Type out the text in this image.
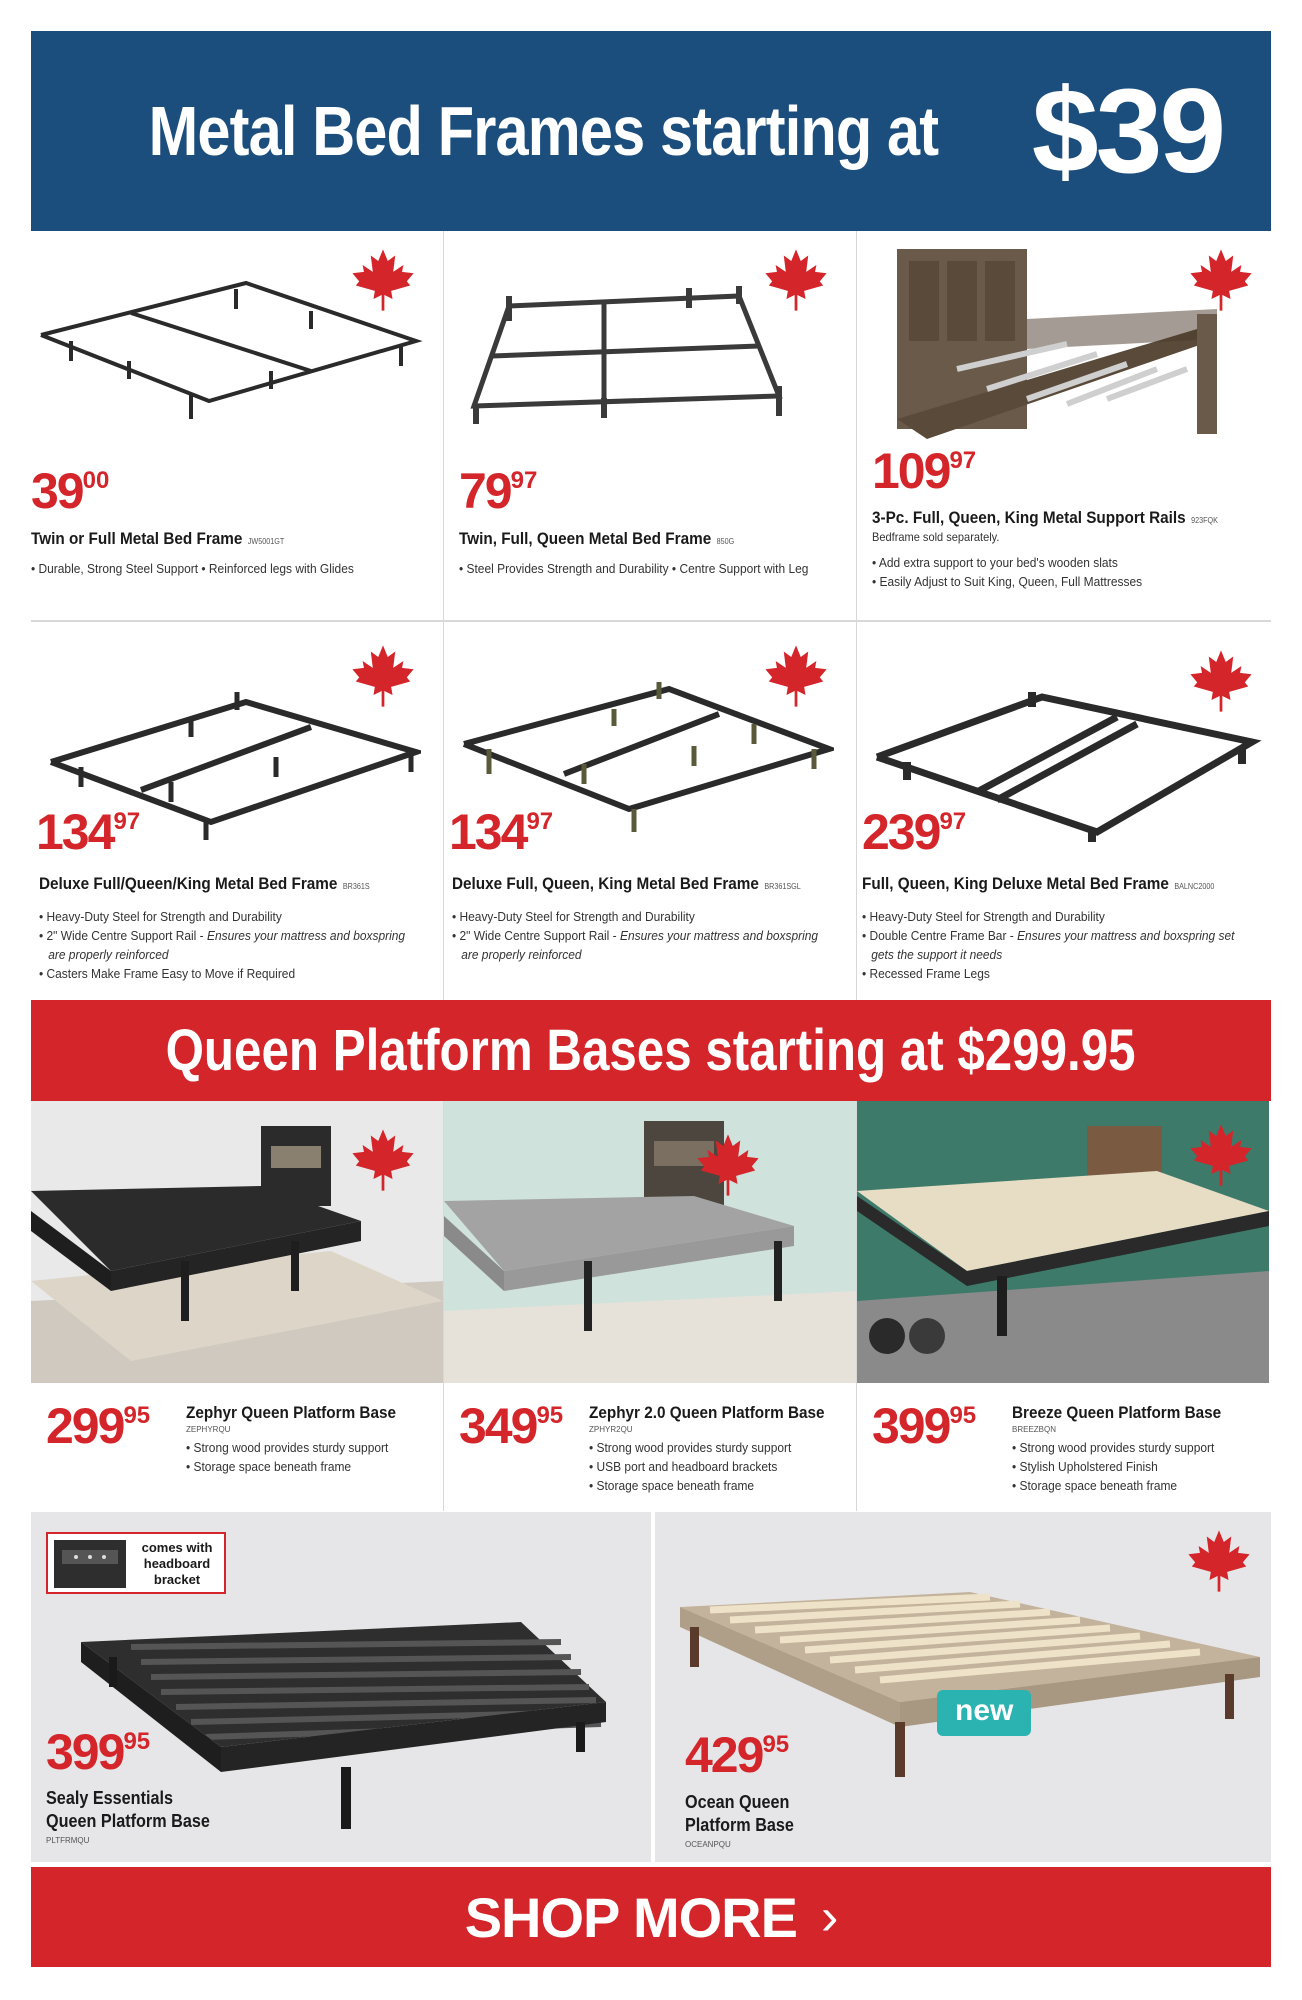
Metal Bed Frames starting at $39
3900
Twin or Full Metal Bed Frame JW5001GT
• Durable, Strong Steel Support • Reinforced legs with Glides
7997
Twin, Full, Queen Metal Bed Frame 850G
• Steel Provides Strength and Durability • Centre Support with Leg
10997
3-Pc. Full, Queen, King Metal Support Rails 923FQK
Bedframe sold separately.
• Add extra support to your bed's wooden slats
• Easily Adjust to Suit King, Queen, Full Mattresses
13497
Deluxe Full/Queen/King Metal Bed Frame BR361S
• Heavy-Duty Steel for Strength and Durability
• 2" Wide Centre Support Rail - Ensures your mattress and boxspring
are properly reinforced
• Casters Make Frame Easy to Move if Required
13497
Deluxe Full, Queen, King Metal Bed Frame BR361SGL
• Heavy-Duty Steel for Strength and Durability
• 2" Wide Centre Support Rail - Ensures your mattress and boxspring
are properly reinforced
23997
Full, Queen, King Deluxe Metal Bed Frame BALNC2000
• Heavy-Duty Steel for Strength and Durability
• Double Centre Frame Bar - Ensures your mattress and boxspring set
gets the support it needs
• Recessed Frame Legs
Queen Platform Bases starting at $299.95
29995 Zephyr Queen Platform Base
ZEPHYRQU
• Strong wood provides sturdy support
• Storage space beneath frame
34995 Zephyr 2.0 Queen Platform Base
ZPHYR2QU
• Strong wood provides sturdy support
• USB port and headboard brackets
• Storage space beneath frame
39995 Breeze Queen Platform Base
BREEZBQN
• Strong wood provides sturdy support
• Stylish Upholstered Finish
• Storage space beneath frame
comes with
headboard
bracket
39995
Sealy Essentials
Queen Platform Base
PLTFRMQU
new
42995
Ocean Queen
Platform Base
OCEANPQU
SHOP MORE ›
